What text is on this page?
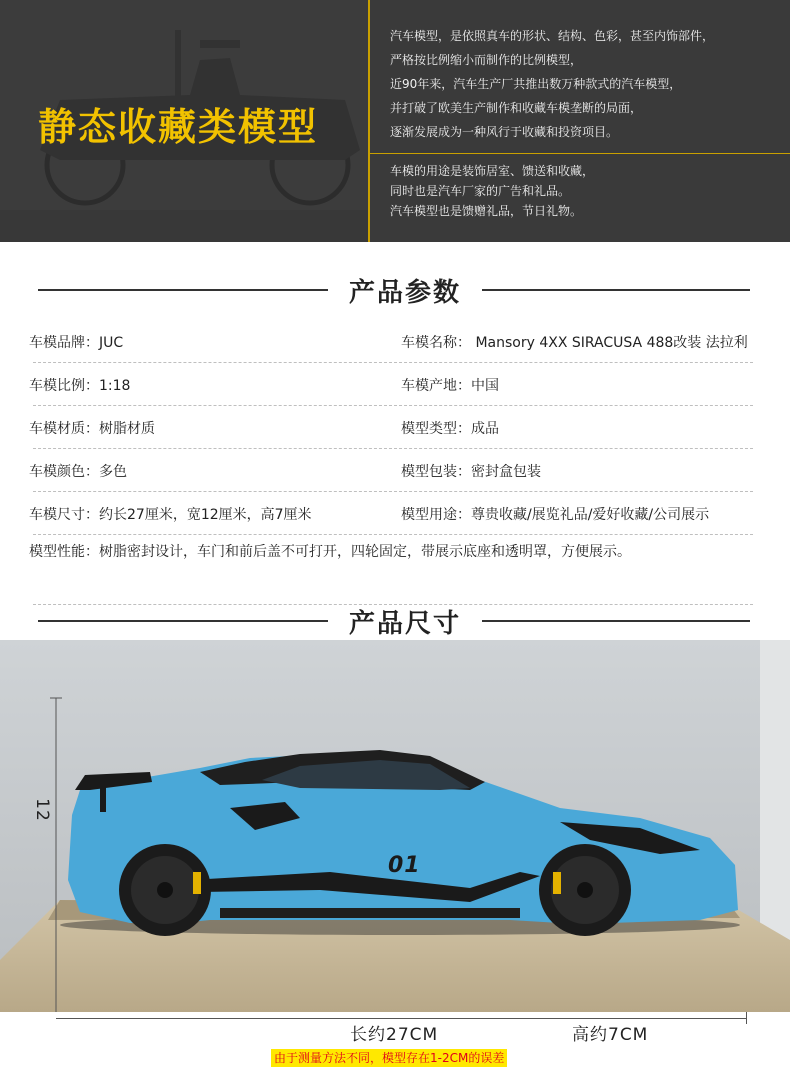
静态收藏类模型
汽车模型，是依照真车的形状、结构、色彩，甚至内饰部件，
严格按比例缩小而制作的比例模型，
近90年来，汽车生产厂共推出数万种款式的汽车模型，
并打破了欧美生产制作和收藏车模垄断的局面，
逐渐发展成为一种风行于收藏和投资项目。
车模的用途是装饰居室、馈送和收藏，
同时也是汽车厂家的广告和礼品。
汽车模型也是馈赠礼品，节日礼物。
产品参数
车模品牌：JUC	车模名称： Mansory 4XX SIRACUSA 488改装 法拉利
车模比例：1:18	车模产地：中国
车模材质：树脂材质	模型类型：成品
车模颜色：多色	模型包装：密封盒包装
车模尺寸：约长27厘米，宽12厘米，高7厘米	模型用途：尊贵收藏/展览礼品/爱好收藏/公司展示
模型性能：树脂密封设计，车门和前后盖不可打开，四轮固定，带展示底座和透明罩，方便展示。
产品尺寸
12
01
长约27CM	高约7CM
由于测量方法不同，模型存在1-2CM的误差
